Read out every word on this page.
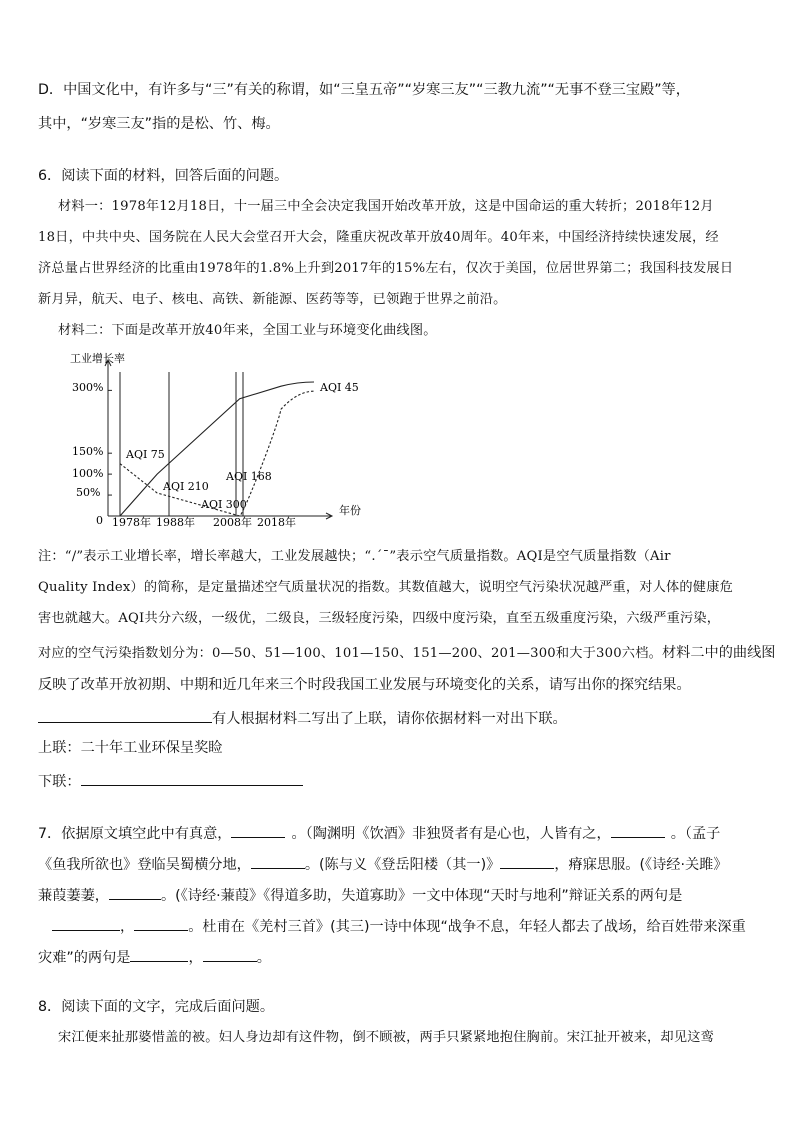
D．中国文化中，有许多与“三”有关的称谓，如“三皇五帝”“岁寒三友”“三教九流”“无事不登三宝殿”等，
其中，“岁寒三友”指的是松、竹、梅。
6．阅读下面的材料，回答后面的问题。
材料一：1978年12月18日，十一届三中全会决定我国开始改革开放，这是中国命运的重大转折；2018年12月
18日，中共中央、国务院在人民大会堂召开大会，隆重庆祝改革开放40周年。40年来，中国经济持续快速发展，经
济总量占世界经济的比重由1978年的1.8%上升到2017年的15%左右，仅次于美国，位居世界第二；我国科技发展日
新月异，航天、电子、核电、高铁、新能源、医药等等，已领跑于世界之前沿。
材料二：下面是改革开放40年来，全国工业与环境变化曲线图。
工业增长率
年份
0 1978年 1988年 2008年 2018年
50%
100%
150%
300%
AQI 75
AQI 210
AQI 300
AQI 168
AQI 45
注：“/”表示工业增长率，增长率越大，工业发展越快；“.ˊˉ”表示空气质量指数。AQI是空气质量指数（Air
Quality Index）的简称，是定量描述空气质量状况的指数。其数值越大，说明空气污染状况越严重，对人体的健康危
害也就越大。AQI共分六级，一级优，二级良，三级轻度污染，四级中度污染，直至五级重度污染，六级严重污染，
对应的空气污染指数划分为：0—50、51—100、101—150、151—200、201—300和大于300六档。材料二中的曲线图
反映了改革开放初期、中期和近几年来三个时段我国工业发展与环境变化的关系，请写出你的探究结果。
有人根据材料二写出了上联，请你依据材料一对出下联。
上联：二十年工业环保呈奖睑
下联：
7．依据原文填空此中有真意，	。（陶渊明《饮酒》非独贤者有是心也，人皆有之，	。（孟子
《鱼我所欲也》登临吴蜀横分地，	。(陈与义《登岳阳楼（其一)》	，瘠寐思服。(《诗经·关雎》
蒹葭萋萋，	。(《诗经·蒹葭》《得道多助，失道寡助》一文中体现“天时与地利”辩证关系的两句是
，	。杜甫在《羌村三首》(其三)一诗中体现“战争不息，年轻人都去了战场，给百姓带来深重
灾难”的两句是	，	。
8．阅读下面的文字，完成后面问题。
宋江便来扯那婆惜盖的被。妇人身边却有这件物，倒不顾被，两手只紧紧地抱住胸前。宋江扯开被来，却见这鸾
